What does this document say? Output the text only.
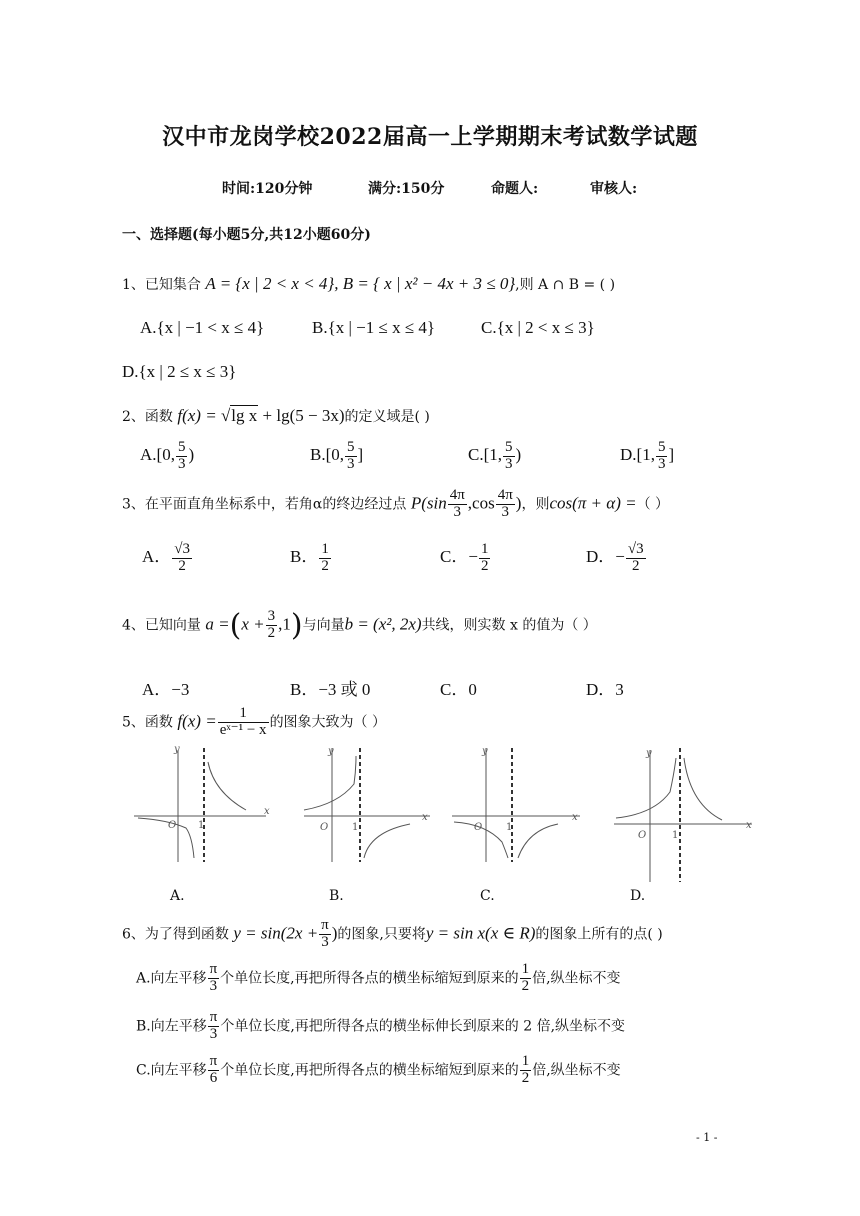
汉中市龙岗学校2022届高一上学期期末考试数学试题
时间:120分钟	满分:150分	命题人:	审核人:
一、选择题(每小题5分,共12小题60分)
1、已知集合 A = {x | 2 < x < 4}, B = { x | x² − 4x + 3 ≤ 0},则 A ∩ B = ( )
A.{x | −1 < x ≤ 4}	B.{x | −1 ≤ x ≤ 4}	C.{x | 2 < x ≤ 3}
D.{x | 2 ≤ x ≤ 3}
2、函数 f(x) = √lg x + lg(5 − 3x)的定义域是( )
A.[0, $\frac{5}{3}$ )	B.[0, $\frac{5}{3}$ ]	C.[1, $\frac{5}{3}$ )	D.[1, $\frac{5}{3}$ ]
3、在平面直角坐标系中，若角α的终边经过点 $P(\sin \frac{4\pi}{3} ,\cos \frac{4\pi}{3}$ )，则cos(π + α) =（ ）
A． $\frac{√3}{2}$	B． $\frac{1}{2}$	C．− $\frac{1}{2}$	D．− $\frac{√3}{2}$
4、已知向量 $a =(x + \frac{3}{2} ,1)$与向量b = (x², 2x)共线，则实数 x 的值为（ ）
A．−3	B．−3 或 0	C．0	D．3
5、函数 $f(x) = \frac{1}{\text{eˣ⁻¹ − x}}$ 的图象大致为（ ）
y
x
O 1
y
x
O 1
y
x
O 1
y
x
O	1
A.	B.	C.	D.
6、为了得到函数 $y = \sin(2x + \frac{\pi}{3}$ )的图象,只要将y = sin x(x ∈ R)的图象上所有的点( )
A.向左平移 $\frac{\pi}{3}$ 个单位长度,再把所得各点的横坐标缩短到原来的 $\frac{1}{2}$ 倍,纵坐标不变
B.向左平移 $\frac{\pi}{3}$ 个单位长度,再把所得各点的横坐标伸长到原来的 2 倍,纵坐标不变
C.向左平移 $\frac{\pi}{6}$ 个单位长度,再把所得各点的横坐标缩短到原来的 $\frac{1}{2}$ 倍,纵坐标不变
- 1 -
